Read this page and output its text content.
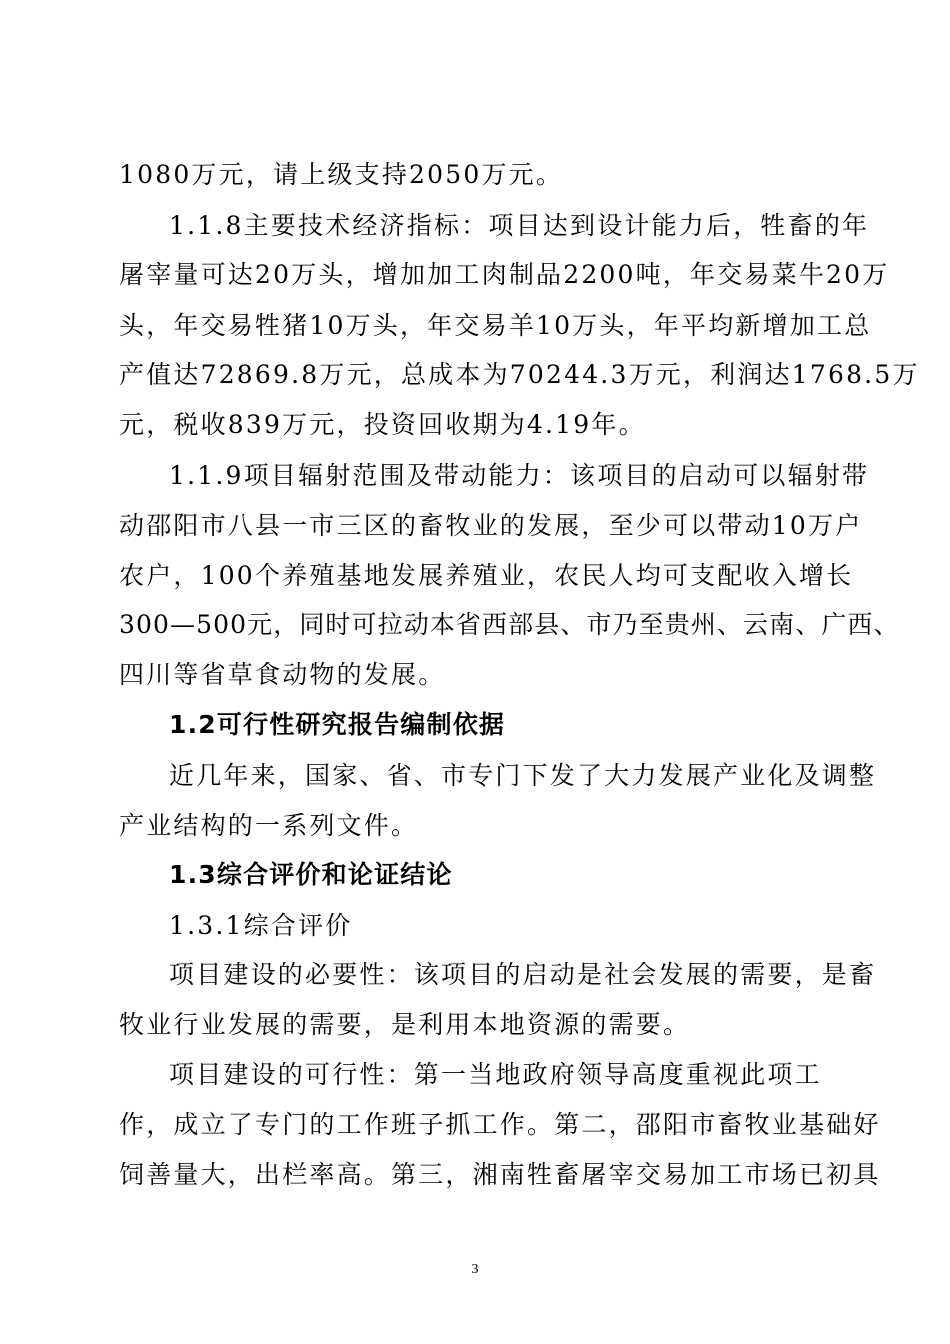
1080万元，请上级支持2050万元。
1.1.8主要技术经济指标：项目达到设计能力后，牲畜的年
屠宰量可达20万头，增加加工肉制品2200吨，年交易菜牛20万
头，年交易牲猪10万头，年交易羊10万头，年平均新增加工总
产值达72869.8万元，总成本为70244.3万元，利润达1768.5万
元，税收839万元，投资回收期为4.19年。
1.1.9项目辐射范围及带动能力：该项目的启动可以辐射带
动邵阳市八县一市三区的畜牧业的发展，至少可以带动10万户
农户，100个养殖基地发展养殖业，农民人均可支配收入增长
300—500元，同时可拉动本省西部县、市乃至贵州、云南、广西、
四川等省草食动物的发展。
1.2可行性研究报告编制依据
近几年来，国家、省、市专门下发了大力发展产业化及调整
产业结构的一系列文件。
1.3综合评价和论证结论
1.3.1综合评价
项目建设的必要性：该项目的启动是社会发展的需要，是畜
牧业行业发展的需要，是利用本地资源的需要。
项目建设的可行性：第一当地政府领导高度重视此项工
作，成立了专门的工作班子抓工作。第二，邵阳市畜牧业基础好
饲善量大，出栏率高。第三，湘南牲畜屠宰交易加工市场已初具
3
